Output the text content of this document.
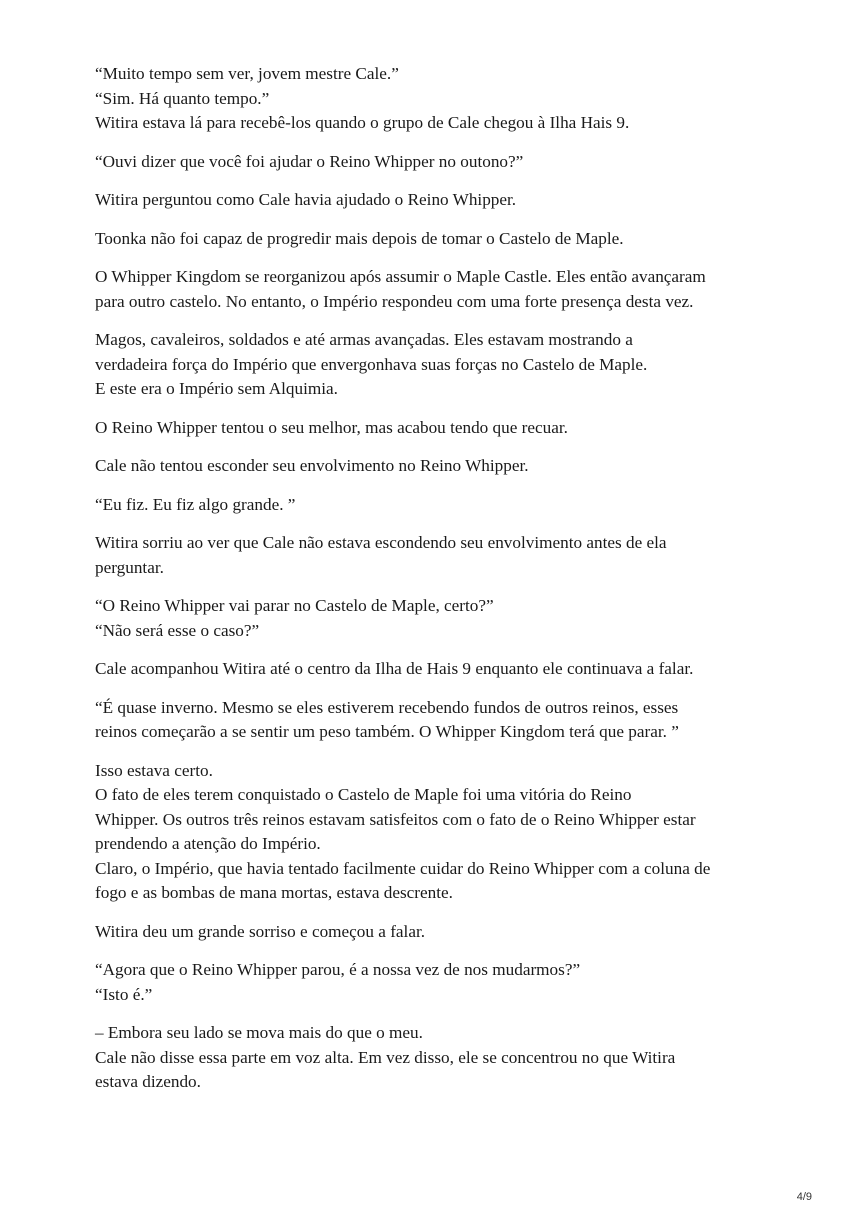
“Muito tempo sem ver, jovem mestre Cale.”
“Sim. Há quanto tempo.”
Witira estava lá para recebê-los quando o grupo de Cale chegou à Ilha Hais 9.

“Ouvi dizer que você foi ajudar o Reino Whipper no outono?”

Witira perguntou como Cale havia ajudado o Reino Whipper.

Toonka não foi capaz de progredir mais depois de tomar o Castelo de Maple.

O Whipper Kingdom se reorganizou após assumir o Maple Castle. Eles então avançaram
para outro castelo. No entanto, o Império respondeu com uma forte presença desta vez.

Magos, cavaleiros, soldados e até armas avançadas. Eles estavam mostrando a
verdadeira força do Império que envergonhava suas forças no Castelo de Maple.
E este era o Império sem Alquimia.

O Reino Whipper tentou o seu melhor, mas acabou tendo que recuar.

Cale não tentou esconder seu envolvimento no Reino Whipper.

“Eu fiz. Eu fiz algo grande. ”

Witira sorriu ao ver que Cale não estava escondendo seu envolvimento antes de ela
perguntar.

“O Reino Whipper vai parar no Castelo de Maple, certo?”
“Não será esse o caso?”

Cale acompanhou Witira até o centro da Ilha de Hais 9 enquanto ele continuava a falar.

“É quase inverno. Mesmo se eles estiverem recebendo fundos de outros reinos, esses
reinos começarão a se sentir um peso também. O Whipper Kingdom terá que parar. ”

Isso estava certo.
O fato de eles terem conquistado o Castelo de Maple foi uma vitória do Reino
Whipper. Os outros três reinos estavam satisfeitos com o fato de o Reino Whipper estar
prendendo a atenção do Império.
Claro, o Império, que havia tentado facilmente cuidar do Reino Whipper com a coluna de
fogo e as bombas de mana mortas, estava descrente.

Witira deu um grande sorriso e começou a falar.

“Agora que o Reino Whipper parou, é a nossa vez de nos mudarmos?”
“Isto é.”

– Embora seu lado se mova mais do que o meu.
Cale não disse essa parte em voz alta. Em vez disso, ele se concentrou no que Witira
estava dizendo.

4/9
